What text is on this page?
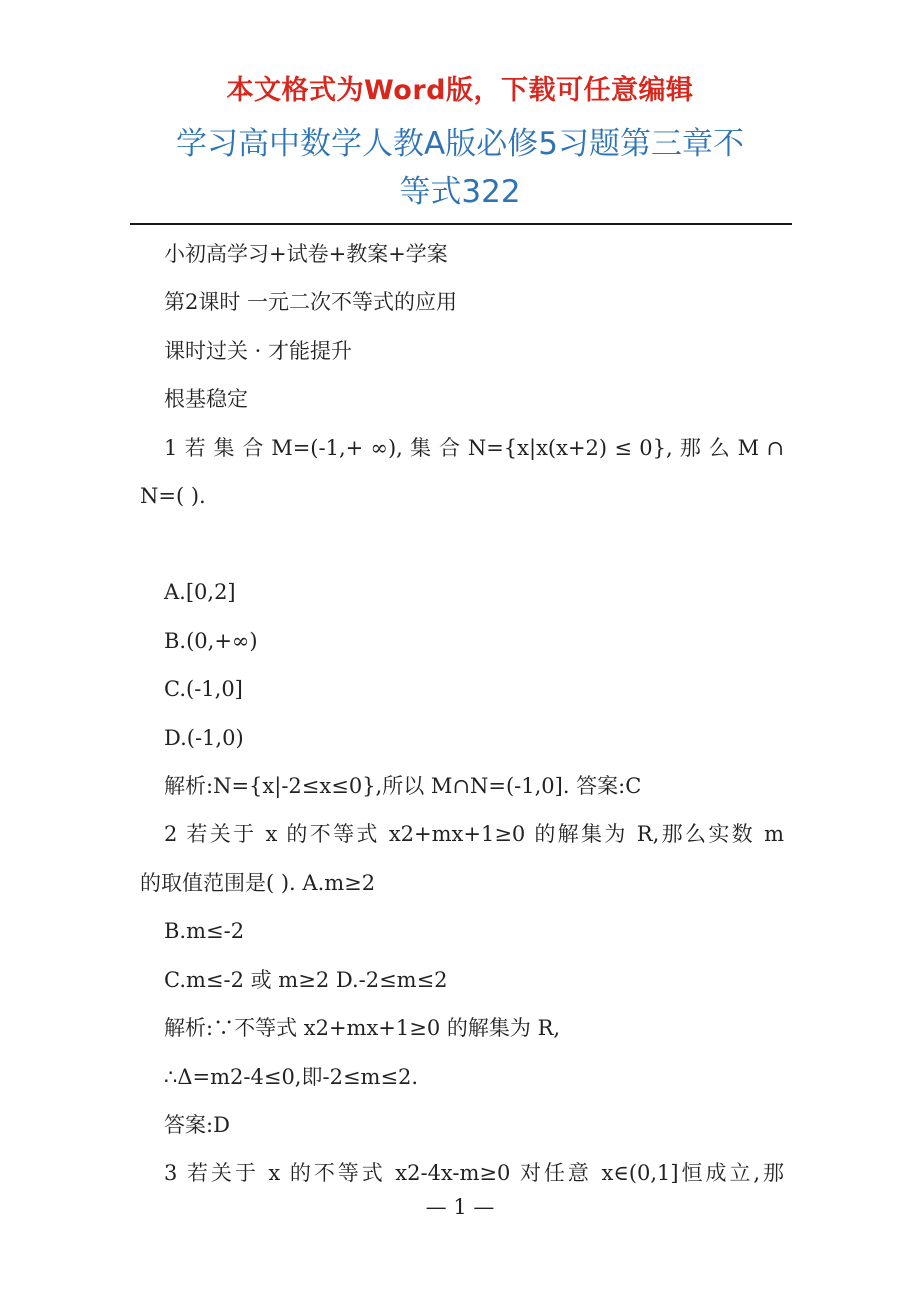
本文格式为Word版，下载可任意编辑
学习高中数学人教A版必修5习题第三章不
等式322
小初高学习+试卷+教案+学案
第2课时 一元二次不等式的应用
课时过关 · 才能提升
根基稳定
1 若 集 合 M=(-1,+ ∞), 集 合 N={x|x(x+2) ≤ 0}, 那 么 M ∩
N=( ).
A.[0,2]
B.(0,+∞)
C.(-1,0]
D.(-1,0)
解析:N={x|-2≤x≤0},所以 M∩N=(-1,0]. 答案:C
2 若关于 x 的不等式 x2+mx+1≥0 的解集为 R,那么实数 m
的取值范围是( ). A.m≥2
B.m≤-2
C.m≤-2 或 m≥2 D.-2≤m≤2
解析:∵不等式 x2+mx+1≥0 的解集为 R,
∴Δ=m2-4≤0,即-2≤m≤2.
答案:D
3 若关于 x 的不等式 x2-4x-m≥0 对任意 x∈(0,1]恒成立,那
— 1 —
